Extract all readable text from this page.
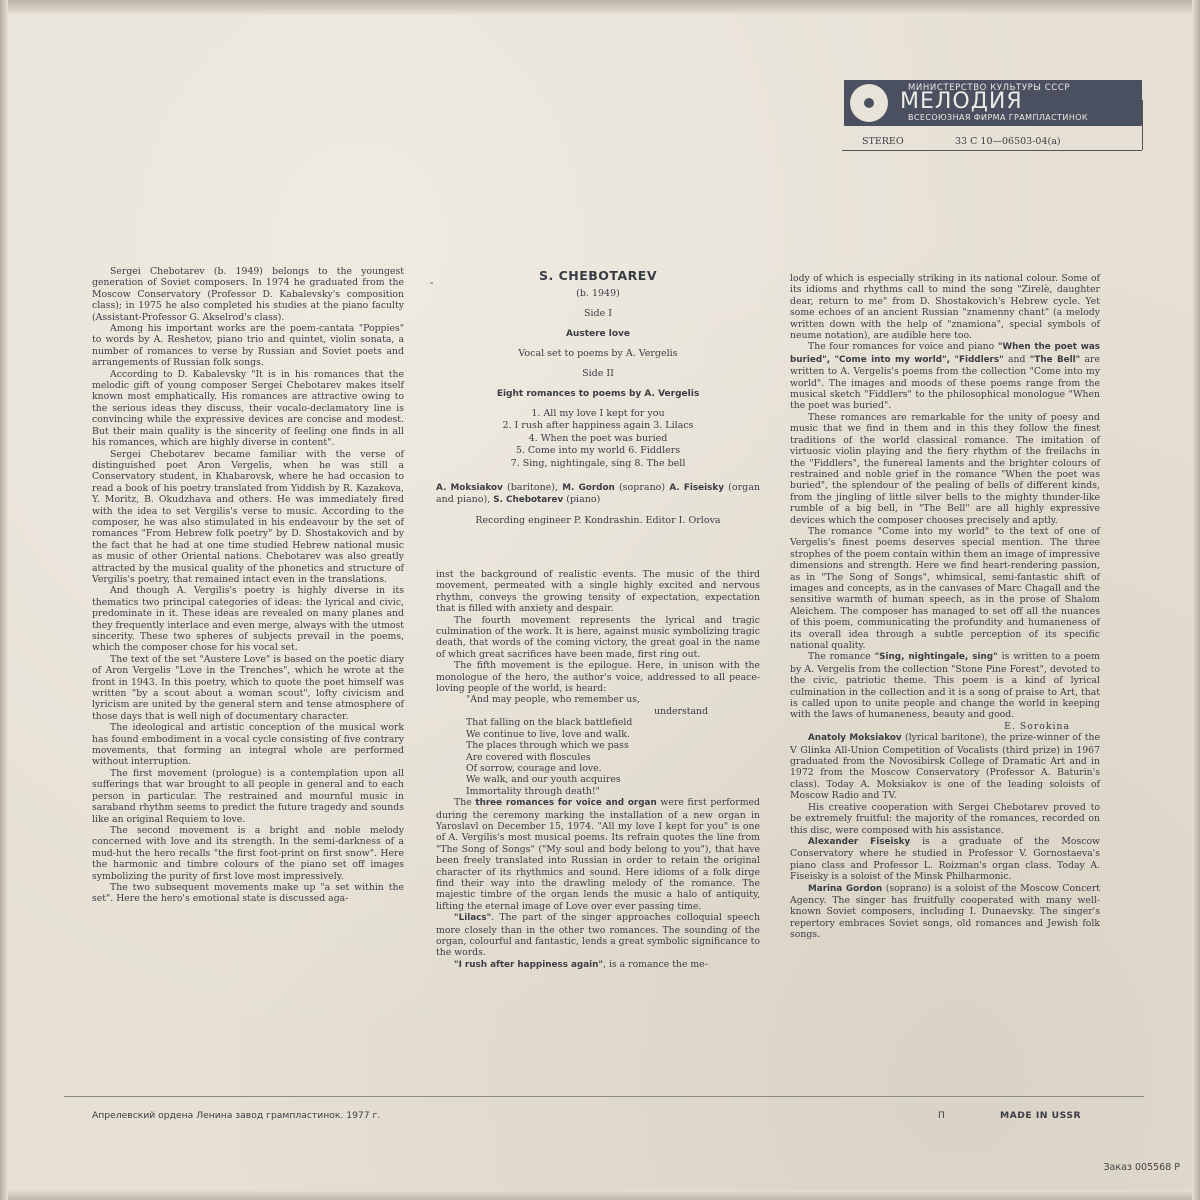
МИНИСТЕРСТВО КУЛЬТУРЫ СССР
МЕЛОДИЯ
ВСЕСОЮЗНАЯ ФИРМА ГРАМПЛАСТИНОК
STEREO	33 С 10—06503-04(а)

Sergei Chebotarev (b. 1949) belongs to the youngest generation of Soviet composers. In 1974 he graduated from the Moscow Conservatory (Professor D. Kabalevsky's composition class); in 1975 he also completed his studies at the piano faculty (Assistant-Professor G. Akselrod's class).

Among his important works are the poem-cantata "Poppies" to words by A. Reshetov, piano trio and quintet, violin sonata, a number of romances to verse by Russian and Soviet poets and arrangements of Russian folk songs.

According to D. Kabalevsky "It is in his romances that the melodic gift of young composer Sergei Chebotarev makes itself known most emphatically. His romances are attractive owing to the serious ideas they discuss, their vocalo-declamatory line is convincing while the expressive devices are concise and modest. But their main quality is the sincerity of feeling one finds in all his romances, which are highly diverse in content".

Sergei Chebotarev became familiar with the verse of distinguished poet Aron Vergelis, when he was still a Conservatory student, in Khabarovsk, where he had occasion to read a book of his poetry translated from Yiddish by R. Kazakova, Y. Moritz, B. Okudzhava and others. He was immediately fired with the idea to set Vergilis's verse to music. According to the composer, he was also stimulated in his endeavour by the set of romances "From Hebrew folk poetry" by D. Shostakovich and by the fact that he had at one time studied Hebrew national music as music of other Oriental nations. Chebotarev was also greatly attracted by the musical quality of the phonetics and structure of Vergilis's poetry, that remained intact even in the translations.

And though A. Vergilis's poetry is highly diverse in its thematics two principal categories of ideas: the lyrical and civic, predominate in it. These ideas are revealed on many planes and they frequently interlace and even merge, always with the utmost sincerity. These two spheres of subjects prevail in the poems, which the composer chose for his vocal set.

The text of the set "Austere Love" is based on the poetic diary of Aron Vergelis "Love in the Trenches", which he wrote at the front in 1943. In this poetry, which to quote the poet himself was written "by a scout about a woman scout", lofty civicism and lyricism are united by the general stern and tense atmosphere of those days that is well nigh of documentary character.

The ideological and artistic conception of the musical work has found embodiment in a vocal cycle consisting of five contrary movements, that forming an integral whole are performed without interruption.

The first movement (prologue) is a contemplation upon all sufferings that war brought to all people in general and to each person in particular. The restrained and mournful music in saraband rhythm seems to predict the future tragedy and sounds like an original Requiem to love.

The second movement is a bright and noble melody concerned with love and its strength. In the semi-darkness of a mud-hut the hero recalls "the first foot-print on first snow". Here the harmonic and timbre colours of the piano set off images symbolizing the purity of first love most impressively.

The two subsequent movements make up "a set within the set". Here the hero's emotional state is discussed aga-

-
S. CHEBOTAREV
(b. 1949)
Side I
Austere love
Vocal set to poems by A. Vergelis
Side II
Eight romances to poems by A. Vergelis
1. All my love I kept for you
2. I rush after happiness again 3. Lilacs
4. When the poet was buried
5. Come into my world 6. Fiddlers
7. Sing, nightingale, sing 8. The bell
A. Moksiakov (baritone), M. Gordon (soprano) A. Fiseisky (organ and piano), S. Chebotarev (piano)
Recording engineer P. Kondrashin. Editor I. Orlova

inst the background of realistic events. The music of the third movement, permeated with a single highly excited and nervous rhythm, conveys the growing tensity of expectation, expectation that is filled with anxiety and despair.

The fourth movement represents the lyrical and tragic culmination of the work. It is here, against music symbolizing tragic death, that words of the coming victory, the great goal in the name of which great sacrifices have been made, first ring out.

The fifth movement is the epilogue. Here, in unison with the monologue of the hero, the author's voice, addressed to all peace-loving people of the world, is heard:

"And may people, who remember us,
understand
That falling on the black battlefield
We continue to live, love and walk.
The places through which we pass
Are covered with floscules
Of sorrow, courage and love.
We walk, and our youth acquires
Immortality through death!"

The three romances for voice and organ were first performed during the ceremony marking the installation of a new organ in Yaroslavl on December 15, 1974. "All my love I kept for you" is one of A. Vergilis's most musical poems. Its refrain quotes the line from "The Song of Songs" ("My soul and body belong to you"), that have been freely translated into Russian in order to retain the original character of its rhythmics and sound. Here idioms of a folk dirge find their way into the drawling melody of the romance. The majestic timbre of the organ lends the music a halo of antiquity, lifting the eternal image of Love over ever passing time.

"Lilacs". The part of the singer approaches colloquial speech more closely than in the other two romances. The sounding of the organ, colourful and fantastic, lends a great symbolic significance to the words.

"I rush after happiness again", is a romance the me-

lody of which is especially striking in its national colour. Some of its idioms and rhythms call to mind the song "Zirelè, daughter dear, return to me" from D. Shostakovich's Hebrew cycle. Yet some echoes of an ancient Russian "znamenny chant" (a melody written down with the help of "znamiona", special symbols of neume notation), are audible here too.

The four romances for voice and piano "When the poet was buried", "Come into my world", "Fiddlers" and "The Bell" are written to A. Vergelis's poems from the collection "Come into my world". The images and moods of these poems range from the musical sketch "Fiddlers" to the philosophical monologue "When the poet was buried".

These romances are remarkable for the unity of poesy and music that we find in them and in this they follow the finest traditions of the world classical romance. The imitation of virtuosic violin playing and the fiery rhythm of the freilachs in the "Fiddlers", the funereal laments and the brighter colours of restrained and noble grief in the romance "When the poet was buried", the splendour of the pealing of bells of different kinds, from the jingling of little silver bells to the mighty thunder-like rumble of a big bell, in "The Bell" are all highly expressive devices which the composer chooses precisely and aptly.

The romance "Come into my world" to the text of one of Vergelis's finest poems deserves special mention. The three strophes of the poem contain within them an image of impressive dimensions and strength. Here we find heart-rendering passion, as in "The Song of Songs", whimsical, semi-fantastic shift of images and concepts, as in the canvases of Marc Chagall and the sensitive warmth of human speech, as in the prose of Shalom Aleichem. The composer has managed to set off all the nuances of this poem, communicating the profundity and humaneness of its overall idea through a subtle perception of its specific national quality.

The romance "Sing, nightingale, sing" is written to a poem by A. Vergelis from the collection "Stone Pine Forest", devoted to the civic, patriotic theme. This poem is a kind of lyrical culmination in the collection and it is a song of praise to Art, that is called upon to unite people and change the world in keeping with the laws of humaneness, beauty and good.

E. Sorokina

Anatoly Moksiakov (lyrical baritone), the prize-winner of the V Glinka All-Union Competition of Vocalists (third prize) in 1967 graduated from the Novosibirsk College of Dramatic Art and in 1972 from the Moscow Conservatory (Professor A. Baturin's class). Today A. Moksiakov is one of the leading soloists of Moscow Radio and TV.

His creative cooperation with Sergei Chebotarev proved to be extremely fruitful: the majority of the romances, recorded on this disc, were composed with his assistance.

Alexander Fiseisky is a graduate of the Moscow Conservatory where he studied in Professor V. Gornostaeva's piano class and Professor L. Roizman's organ class. Today A. Fiseisky is a soloist of the Minsk Philharmonic.

Marina Gordon (soprano) is a soloist of the Moscow Concert Agency. The singer has fruitfully cooperated with many well-known Soviet composers, including I. Dunaevsky. The singer's repertory embraces Soviet songs, old romances and Jewish folk songs.

Апрелевский ордена Ленина завод грампластинок. 1977 г.	П	MADE IN USSR
Заказ 005568 Р
